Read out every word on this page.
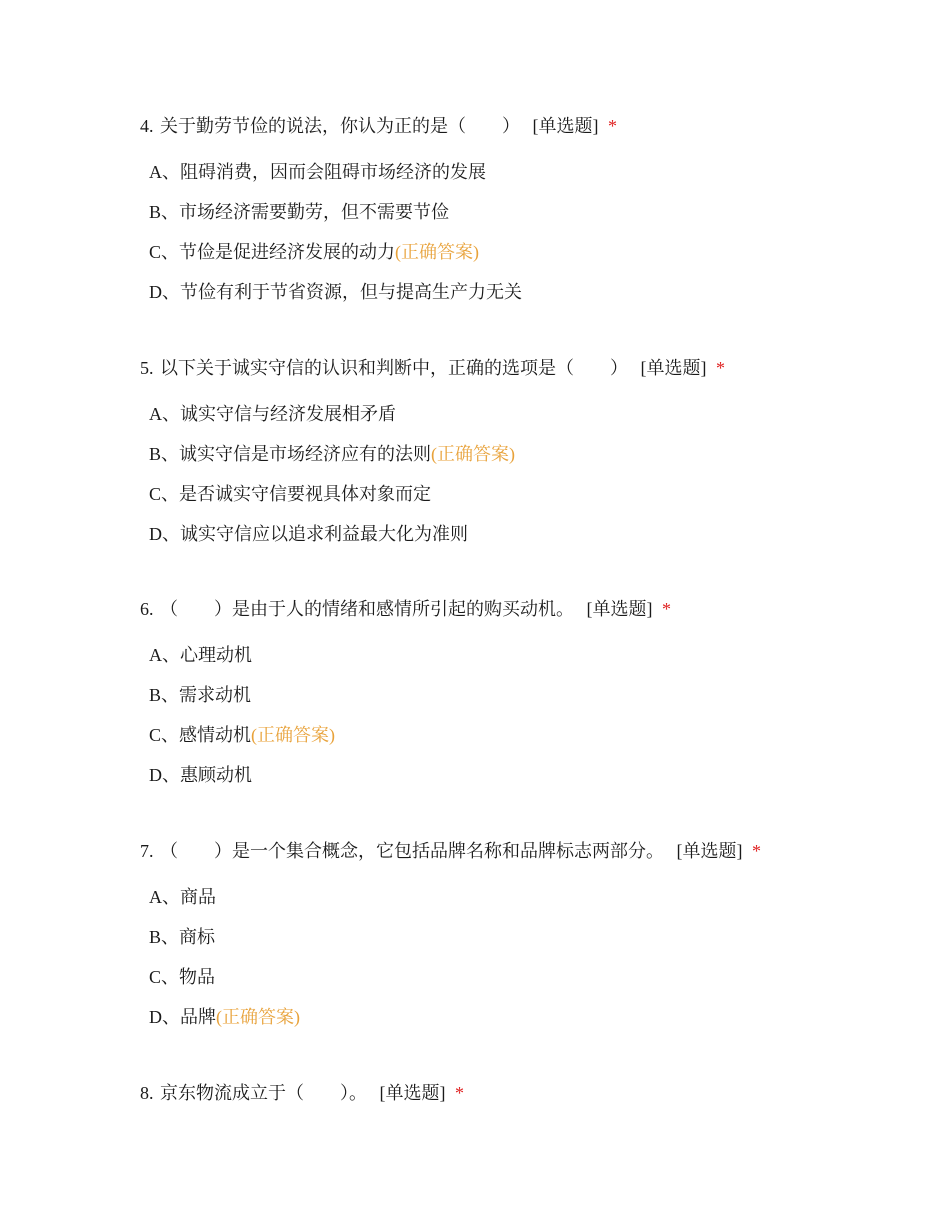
4. 关于勤劳节俭的说法，你认为正的是（　　） [单选题] *
A、阻碍消费，因而会阻碍市场经济的发展
B、市场经济需要勤劳，但不需要节俭
C、节俭是促进经济发展的动力(正确答案)
D、节俭有利于节省资源，但与提高生产力无关
5. 以下关于诚实守信的认识和判断中，正确的选项是（　　） [单选题] *
A、诚实守信与经济发展相矛盾
B、诚实守信是市场经济应有的法则(正确答案)
C、是否诚实守信要视具体对象而定
D、诚实守信应以追求利益最大化为准则
6. （　　）是由于人的情绪和感情所引起的购买动机。 [单选题] *
A、心理动机
B、需求动机
C、感情动机(正确答案)
D、惠顾动机
7. （　　）是一个集合概念，它包括品牌名称和品牌标志两部分。 [单选题] *
A、商品
B、商标
C、物品
D、品牌(正确答案)
8. 京东物流成立于（　　）。 [单选题] *
